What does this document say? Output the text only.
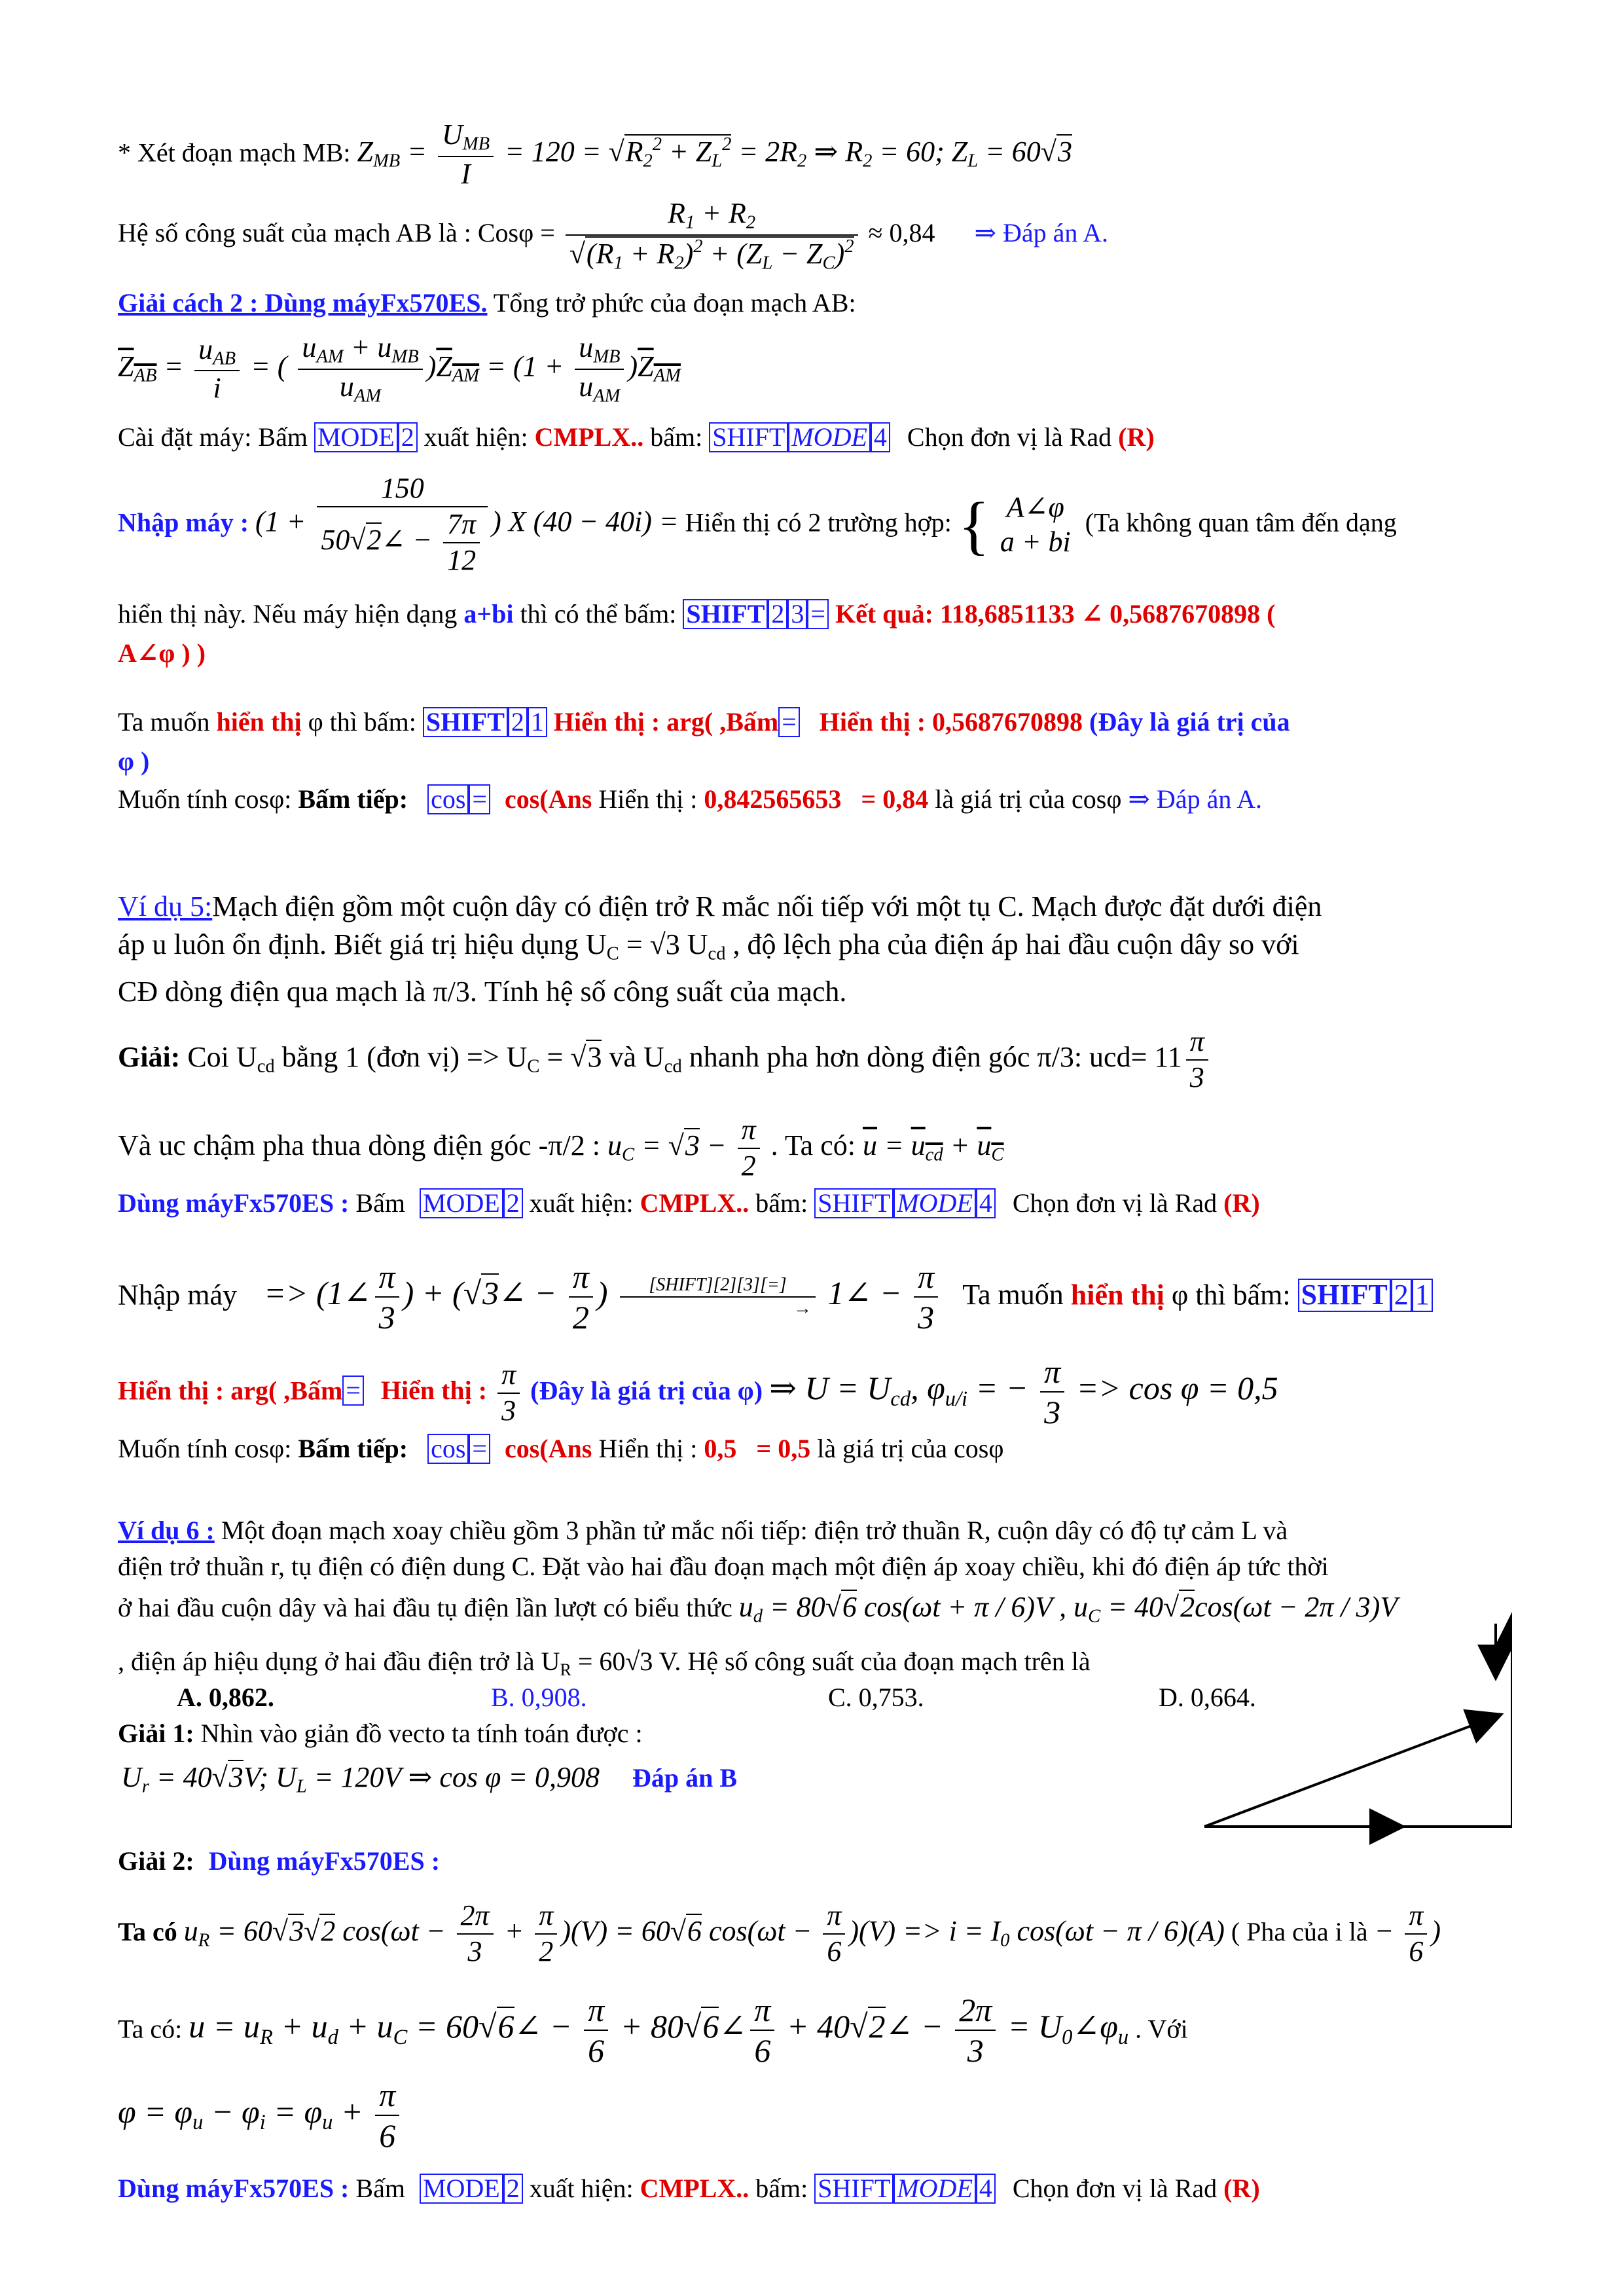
* Xét đoạn mạch MB: $Z_{MB} = \frac{U_{MB}}{I} = 120 = √R_2^2 + Z_L^2 = 2R_2$ ⇒ $R_2 = 60$; $Z_L = 60√3$
Hệ số công suất của mạch AB là : $Cos\varphi = \frac{R_1 + R_2}{√(R_1 + R_2)^2 + (Z_L - Z_C)^2} \approx 0,84$ ⇒ Đáp án A.
Giải cách 2 : Dùng máyFx570ES. Tổng trở phức của đoạn mạch AB:
$Z_{AB} = \frac{u_{AB}}{i}$ = ( $\frac{u_{AM} + u_{MB}}{u_{AM}} )Z_{AM} = (1 + \frac{u_{MB}}{u_{AM}} )Z_{AM}$
Cài đặt máy: Bấm MODE 2 xuất hiện: CMPLX.. bấm: SHIFT MODE 4 Chọn đơn vị là Rad (R)
Nhập máy : ($1 + \frac{150}{50√2\angle - \frac{7\pi}{12}}$ ) X (40 − 40i) = Hiển thị có 2 trường hợp: { A∠φ
a + bi
(Ta không quan tâm đến dạng
hiển thị này. Nếu máy hiện dạng a+bi thì có thể bấm: SHIFT 2 3 = Kết quả: 118,6851133 ∠ 0,5687670898 (
A∠φ ) )
Ta muốn hiển thị φ thì bấm: SHIFT 2 1 Hiển thị : arg( ,Bấm = Hiển thị : 0,5687670898 (Đây là giá trị của
φ )
Muốn tính cosφ: Bấm tiếp: cos = cos(Ans Hiển thị : 0,842565653 = 0,84 là giá trị của cosφ ⇒ Đáp án A.
Ví dụ 5:Mạch điện gồm một cuộn dây có điện trở R mắc nối tiếp với một tụ C. Mạch được đặt dưới điện
áp u luôn ổn định. Biết giá trị hiệu dụng $U_C = √3$ $U_{cd}$ , độ lệch pha của điện áp hai đầu cuộn dây so với
CĐ dòng điện qua mạch là π/3. Tính hệ số công suất của mạch.
Giải: Coi $U_{cd}$ bằng 1 (đơn vị) => $U_C = √3$ và $U_{cd}$ nhanh pha hơn dòng điện góc π/3: $ucd= 11 \frac{\pi}{3}$
Và uc chậm pha thua dòng điện góc -π/2 : $u_C = √3 - \frac{\pi}{2}$ . Ta có: $\overline{u} = u_{cd} + u_C$
Dùng máyFx570ES : Bấm MODE 2 xuất hiện: CMPLX.. bấm: SHIFT MODE 4 Chọn đơn vị là Rad (R)
Nhập máy => (1∠ $\frac{\pi}{3}$ ) + (√3∠ − $\frac{\pi}{2}$ ) $\frac{\text{[SHIFT][2][3][=]}}{\to}$ 1∠ − $\frac{\pi}{3}$ Ta muốn hiển thị φ thì bấm: SHIFT 2 1
Hiển thị : arg( ,Bấm = Hiển thị : $\frac{\pi}{3}$ (Đây là giá trị của φ) ⇒ $U = U_{cd}$, $\varphi_{u/i}$ = − $\frac{\pi}{3} => \cos \varphi = 0,5$
Muốn tính cosφ: Bấm tiếp: cos = cos(Ans Hiển thị : 0,5 = 0,5 là giá trị của cosφ
Ví dụ 6 : Một đoạn mạch xoay chiều gồm 3 phần tử mắc nối tiếp: điện trở thuần R, cuộn dây có độ tự cảm L và
điện trở thuần r, tụ điện có điện dung C. Đặt vào hai đầu đoạn mạch một điện áp xoay chiều, khi đó điện áp tức thời
ở hai đầu cuộn dây và hai đầu tụ điện lần lượt có biểu thức $u_d = 80√6$ cos(ωt + π / 6)V , $u_C = 40√2\cos(\omega t - 2\pi / 3)V$
, điện áp hiệu dụng ở hai đầu điện trở là $U_R = 60√3$ V. Hệ số công suất của đoạn mạch trên là
A. 0,862.	B. 0,908.	C. 0,753.	D. 0,664.
Giải 1: Nhìn vào giản đồ vecto ta tính toán được :
$U_r = 40√3V$; $U_L = 120V$ ⇒ cos φ = 0,908 Đáp án B
Giải 2: Dùng máyFx570ES :
Ta có $u_R = 60√3√2$ $\cos(\omega t - \frac{2\pi}{3} + \frac{\pi}{2} )(V) = 60√6$ $\cos(\omega t - \frac{\pi}{6} )(V) => i = I_0$ cos(ωt − π / 6)(A) ( Pha của i là − $\frac{\pi}{6}$ )
Ta có: $u = u_R + u_d + u_C$ = 60√6∠ − $\frac{\pi}{6}$ + 80√6∠ $\frac{\pi}{6}$ + 40√2∠ − $\frac{2\pi}{3}$ = $U_0\angle\varphi_u$ . Với
$\varphi = \varphi_u - \varphi_i = \varphi_u + \frac{\pi}{6}$
Dùng máyFx570ES : Bấm MODE 2 xuất hiện: CMPLX.. bấm: SHIFT MODE 4 Chọn đơn vị là Rad (R)
